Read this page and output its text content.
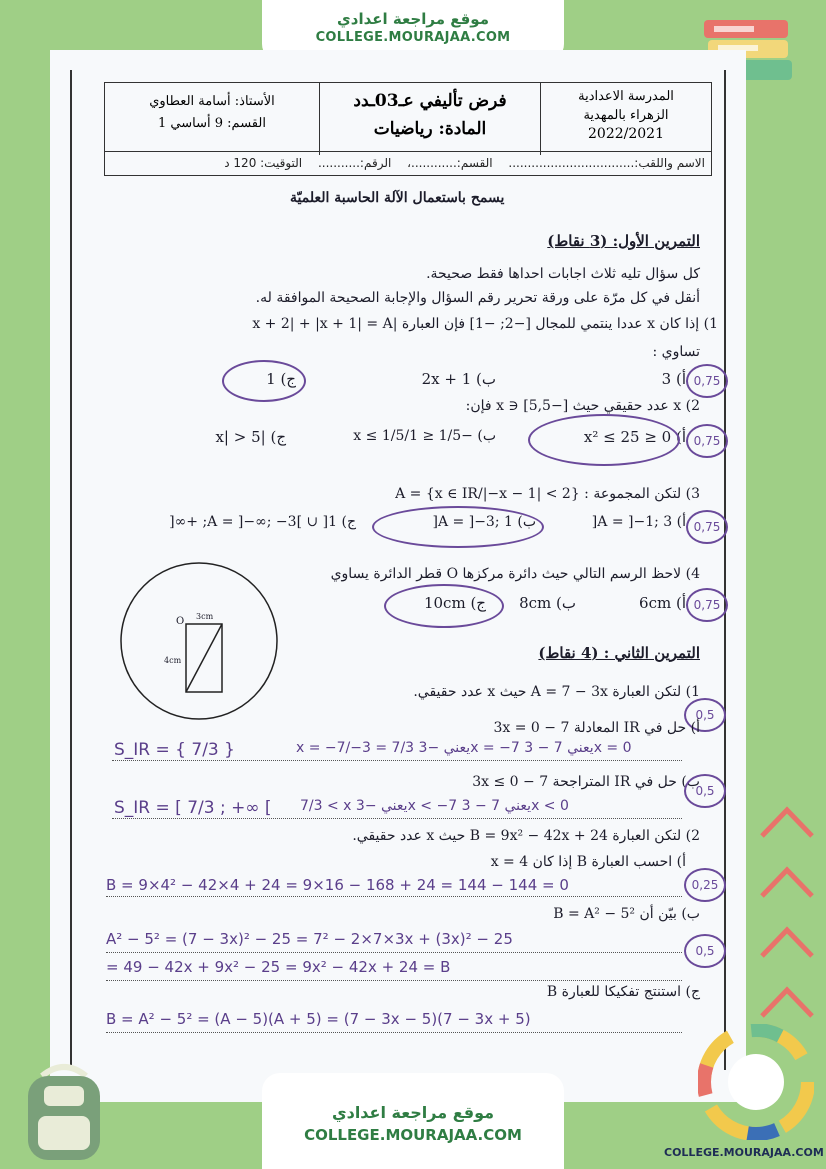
موقع مراجعة اعدادي
COLLEGE.MOURAJAA.COM
المدرسة الاعدادية
الزهراء بالمهدية
2022/2021
فرض تأليفي عـ03ـدد
المادة: رياضيات
الأستاذ: أسامة العطاوي
القسم: 9 أساسي 1
الاسم واللقب:................................. القسم:............، الرقم:........... التوقيت: 120 د
يسمح باستعمال الآلة الحاسبة العلميّة
التمرين الأول: (3 نقاط)
كل سؤال تليه ثلاث اجابات احداها فقط صحيحة.
أنقل في كل مرّة على ورقة تحرير رقم السؤال والإجابة الصحيحة الموافقة له.
1) إذا كان x عددا ينتمي للمجال [−2; −1] فإن العبارة |x + 2| + |x + 1| = A
تساوي :
أ) 3
ب) 2x + 1
ج) 1	0,75
2) x عدد حقيقي حيث [−5,5] ∈ x فإن:
أ) 0 ≤ x² ≤ 25
ب) −1/5 ≤ 1/x ≤ 1/5
ج) |x| > 5	0,75
3) لتكن المجموعة : A = {x ∈ IR/|−x − 1| < 2}
أ) A = ]−1; 3[
ب) A = ]−3; 1[
ج) A = ]−∞; −3[ ∪ ]1; +∞[	0,75
4) لاحظ الرسم التالي حيث دائرة مركزها O قطر الدائرة يساوي
أ) 6cm
ب) 8cm
ج) 10cm	0,75
O 3cm
4cm	التمرين الثاني : (4 نقاط)
1) لتكن العبارة A = 7 − 3x حيث x عدد حقيقي.
0,5
أ) حل في IR المعادلة 7 − 3x = 0
S_IR = { 7/3 }	x = −7/−3 = 7/3 يعني −3x = −7 يعني 7 − 3x = 0
ب) حل في IR المتراجحة 7 − 3x ≤ 0
0,5
S_IR = [ 7/3 ; +∞ [ 7/3 < x يعني −3x < −7 يعني 7 − 3x < 0
2) لتكن العبارة B = 9x² − 42x + 24 حيث x عدد حقيقي.
أ) احسب العبارة B إذا كان x = 4
0,25
B = 9×4² − 42×4 + 24 = 9×16 − 168 + 24 = 144 − 144 = 0
ب) بيّن أن B = A² − 5²
0,5
A² − 5² = (7 − 3x)² − 25 = 7² − 2×7×3x + (3x)² − 25
= 49 − 42x + 9x² − 25 = 9x² − 42x + 24 = B
ج) استنتج تفكيكا للعبارة B
B = A² − 5² = (A − 5)(A + 5) = (7 − 3x − 5)(7 − 3x + 5)
COLLEGE.MOURAJAA.COM
موقع مراجعة اعدادي
COLLEGE.MOURAJAA.COM
